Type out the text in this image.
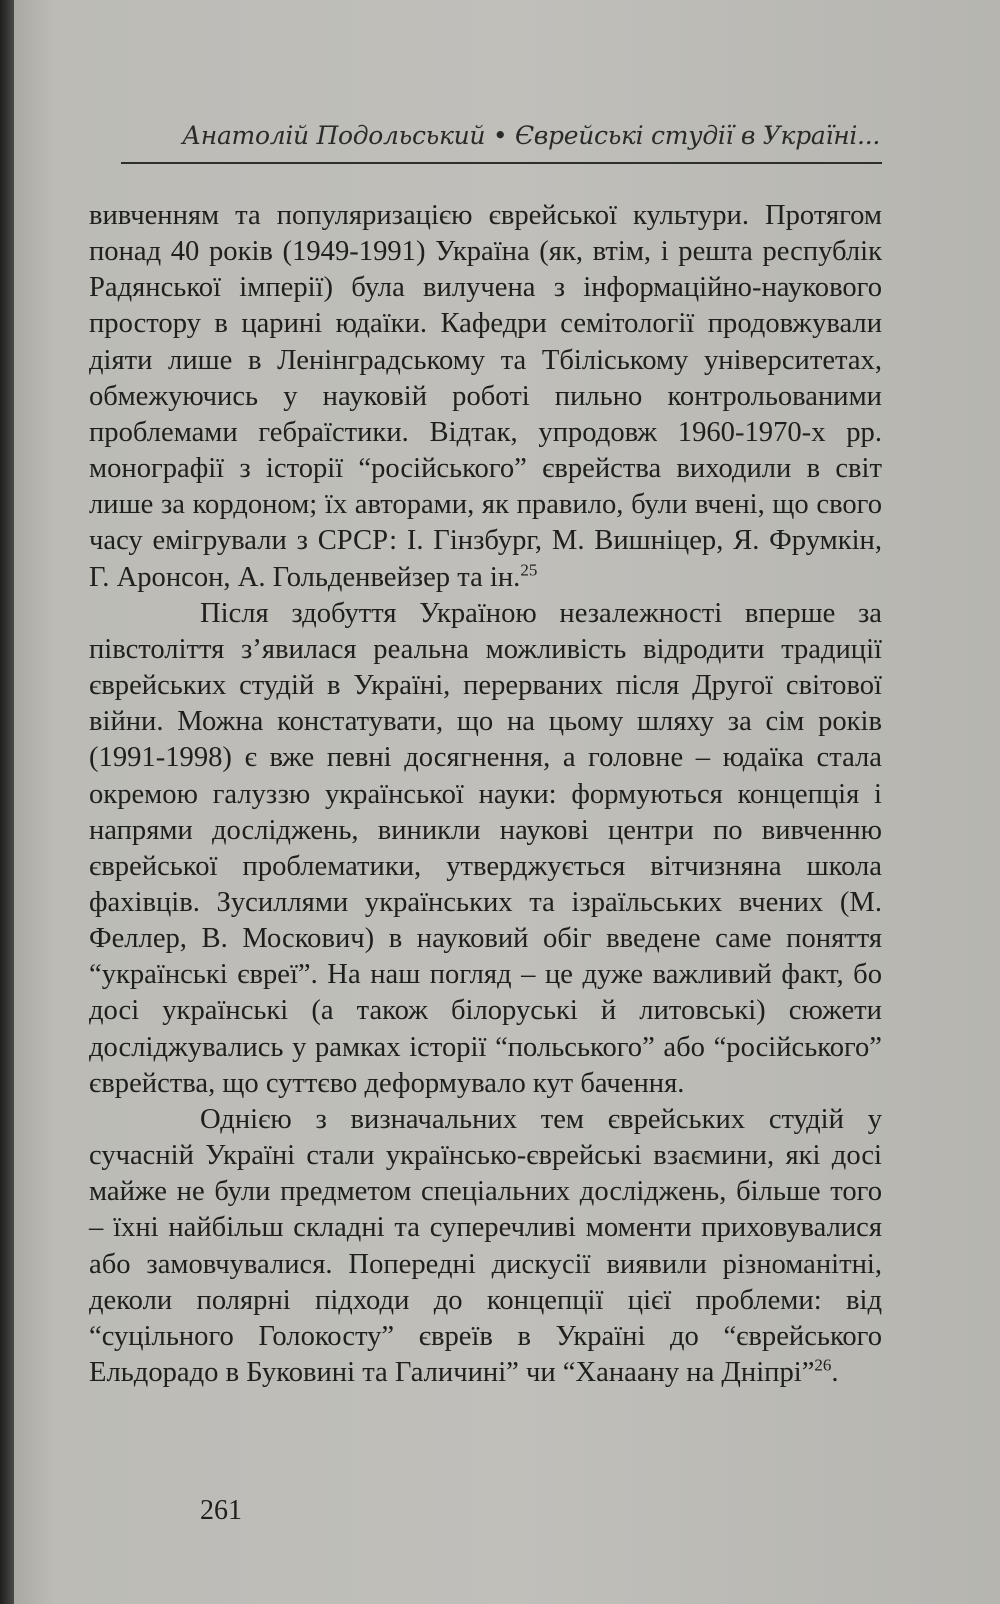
Анатолій Подольський • Єврейські студії в Україні...

вивченням та популяризацією єврейської культури. Протягом понад 40 років (1949-1991) Україна (як, втім, і решта республік Радянської імперії) була вилучена з інформаційно-наукового простору в царині юдаїки. Кафедри семітології продовжували діяти лише в Ленінградському та Тбіліському університетах, обмежуючись у науковій роботі пильно контрольованими проблемами гебраїстики. Відтак, упродовж 1960-1970-х рр. монографії з історії “російського” єврейства виходили в світ лише за кордоном; їх авторами, як правило, були вчені, що свого часу емігрували з СРСР: І. Гінзбург, М. Вишніцер, Я. Фрумкін, Г. Аронсон, А. Гольденвейзер та ін.$^{25}$

Після здобуття Україною незалежності вперше за півстоліття з’явилася реальна можливість відродити традиції єврейських студій в Україні, перерваних після Другої світової війни. Можна констатувати, що на цьому шляху за сім років (1991-1998) є вже певні досягнення, а головне – юдаїка стала окремою галуззю української науки: формуються концепція і напрями досліджень, виникли наукові центри по вивченню єврейської проблематики, утверджується вітчизняна школа фахівців. Зусиллями українських та ізраїльських вчених (М. Феллер, В. Москович) в науковий обіг введене саме поняття “українські євреї”. На наш погляд – це дуже важливий факт, бо досі українські (а також білоруські й литовські) сюжети досліджувались у рамках історії “польського” або “російського” єврейства, що суттєво деформувало кут бачення.

Однією з визначальних тем єврейських студій у сучасній Україні стали українсько-єврейські взаємини, які досі майже не були предметом спеціальних досліджень, більше того – їхні найбільш складні та суперечливі моменти приховувалися або замовчувалися. Попередні дискусії виявили різноманітні, деколи полярні підходи до концепції цієї проблеми: від “суцільного Голокосту” євреїв в Україні до “єврейського Ельдорадо в Буковині та Галичині” чи “Ханаану на Дніпрі”$^{26}$.

261
